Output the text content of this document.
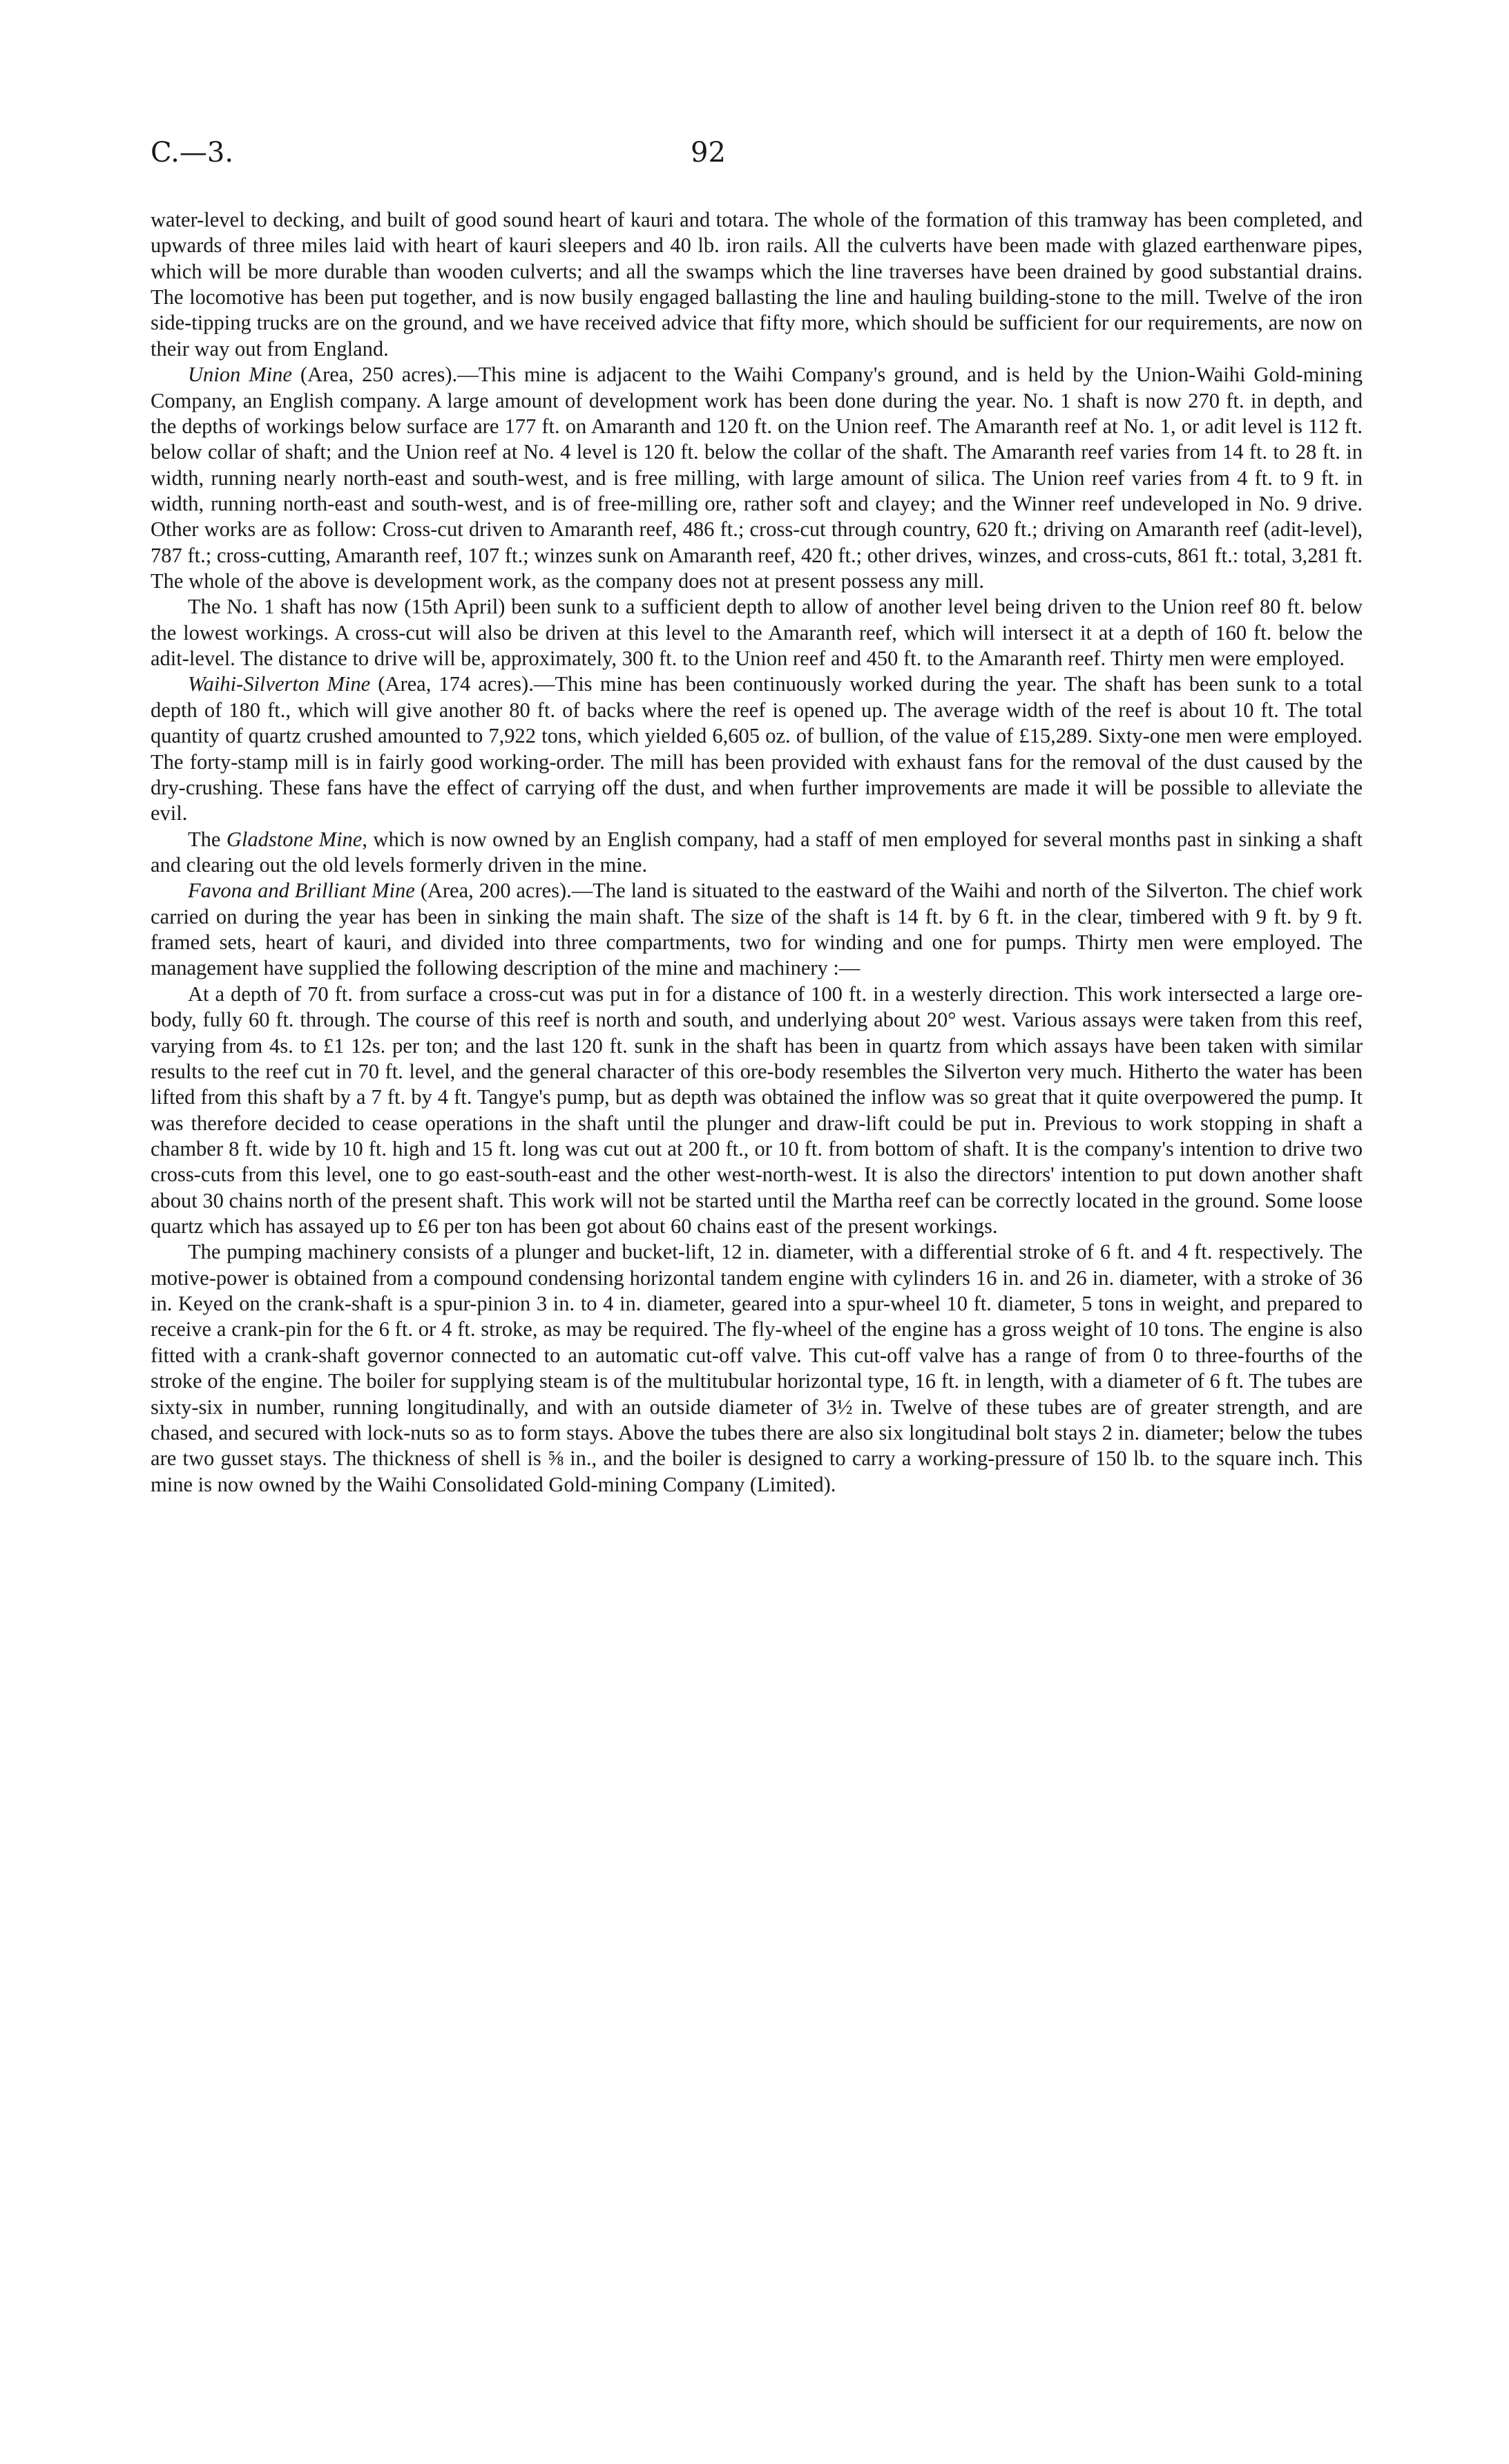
C.—3.	92

water-level to decking, and built of good sound heart of kauri and totara. The whole of the formation of this tramway has been completed, and upwards of three miles laid with heart of kauri sleepers and 40 lb. iron rails. All the culverts have been made with glazed earthenware pipes, which will be more durable than wooden culverts; and all the swamps which the line traverses have been drained by good substantial drains. The locomotive has been put together, and is now busily engaged ballasting the line and hauling building-stone to the mill. Twelve of the iron side-tipping trucks are on the ground, and we have received advice that fifty more, which should be sufficient for our requirements, are now on their way out from England.

Union Mine (Area, 250 acres).—This mine is adjacent to the Waihi Company's ground, and is held by the Union-Waihi Gold-mining Company, an English company. A large amount of development work has been done during the year. No. 1 shaft is now 270 ft. in depth, and the depths of workings below surface are 177 ft. on Amaranth and 120 ft. on the Union reef. The Amaranth reef at No. 1, or adit level is 112 ft. below collar of shaft; and the Union reef at No. 4 level is 120 ft. below the collar of the shaft. The Amaranth reef varies from 14 ft. to 28 ft. in width, running nearly north-east and south-west, and is free milling, with large amount of silica. The Union reef varies from 4 ft. to 9 ft. in width, running north-east and south-west, and is of free-milling ore, rather soft and clayey; and the Winner reef undeveloped in No. 9 drive. Other works are as follow: Cross-cut driven to Amaranth reef, 486 ft.; cross-cut through country, 620 ft.; driving on Amaranth reef (adit-level), 787 ft.; cross-cutting, Amaranth reef, 107 ft.; winzes sunk on Amaranth reef, 420 ft.; other drives, winzes, and cross-cuts, 861 ft.: total, 3,281 ft. The whole of the above is development work, as the company does not at present possess any mill.

The No. 1 shaft has now (15th April) been sunk to a sufficient depth to allow of another level being driven to the Union reef 80 ft. below the lowest workings. A cross-cut will also be driven at this level to the Amaranth reef, which will intersect it at a depth of 160 ft. below the adit-level. The distance to drive will be, approximately, 300 ft. to the Union reef and 450 ft. to the Amaranth reef. Thirty men were employed.

Waihi-Silverton Mine (Area, 174 acres).—This mine has been continuously worked during the year. The shaft has been sunk to a total depth of 180 ft., which will give another 80 ft. of backs where the reef is opened up. The average width of the reef is about 10 ft. The total quantity of quartz crushed amounted to 7,922 tons, which yielded 6,605 oz. of bullion, of the value of £15,289. Sixty-one men were employed. The forty-stamp mill is in fairly good working-order. The mill has been provided with exhaust fans for the removal of the dust caused by the dry-crushing. These fans have the effect of carrying off the dust, and when further improvements are made it will be possible to alleviate the evil.

The Gladstone Mine, which is now owned by an English company, had a staff of men employed for several months past in sinking a shaft and clearing out the old levels formerly driven in the mine.

Favona and Brilliant Mine (Area, 200 acres).—The land is situated to the eastward of the Waihi and north of the Silverton. The chief work carried on during the year has been in sinking the main shaft. The size of the shaft is 14 ft. by 6 ft. in the clear, timbered with 9 ft. by 9 ft. framed sets, heart of kauri, and divided into three compartments, two for winding and one for pumps. Thirty men were employed. The management have supplied the following description of the mine and machinery :—

At a depth of 70 ft. from surface a cross-cut was put in for a distance of 100 ft. in a westerly direction. This work intersected a large ore-body, fully 60 ft. through. The course of this reef is north and south, and underlying about 20° west. Various assays were taken from this reef, varying from 4s. to £1 12s. per ton; and the last 120 ft. sunk in the shaft has been in quartz from which assays have been taken with similar results to the reef cut in 70 ft. level, and the general character of this ore-body resembles the Silverton very much. Hitherto the water has been lifted from this shaft by a 7 ft. by 4 ft. Tangye's pump, but as depth was obtained the inflow was so great that it quite overpowered the pump. It was therefore decided to cease operations in the shaft until the plunger and draw-lift could be put in. Previous to work stopping in shaft a chamber 8 ft. wide by 10 ft. high and 15 ft. long was cut out at 200 ft., or 10 ft. from bottom of shaft. It is the company's intention to drive two cross-cuts from this level, one to go east-south-east and the other west-north-west. It is also the directors' intention to put down another shaft about 30 chains north of the present shaft. This work will not be started until the Martha reef can be correctly located in the ground. Some loose quartz which has assayed up to £6 per ton has been got about 60 chains east of the present workings.

The pumping machinery consists of a plunger and bucket-lift, 12 in. diameter, with a differential stroke of 6 ft. and 4 ft. respectively. The motive-power is obtained from a compound condensing horizontal tandem engine with cylinders 16 in. and 26 in. diameter, with a stroke of 36 in. Keyed on the crank-shaft is a spur-pinion 3 in. to 4 in. diameter, geared into a spur-wheel 10 ft. diameter, 5 tons in weight, and prepared to receive a crank-pin for the 6 ft. or 4 ft. stroke, as may be required. The fly-wheel of the engine has a gross weight of 10 tons. The engine is also fitted with a crank-shaft governor connected to an automatic cut-off valve. This cut-off valve has a range of from 0 to three-fourths of the stroke of the engine. The boiler for supplying steam is of the multitubular horizontal type, 16 ft. in length, with a diameter of 6 ft. The tubes are sixty-six in number, running longitudinally, and with an outside diameter of 3½ in. Twelve of these tubes are of greater strength, and are chased, and secured with lock-nuts so as to form stays. Above the tubes there are also six longitudinal bolt stays 2 in. diameter; below the tubes are two gusset stays. The thickness of shell is ⅝ in., and the boiler is designed to carry a working-pressure of 150 lb. to the square inch. This mine is now owned by the Waihi Consolidated Gold-mining Company (Limited).
